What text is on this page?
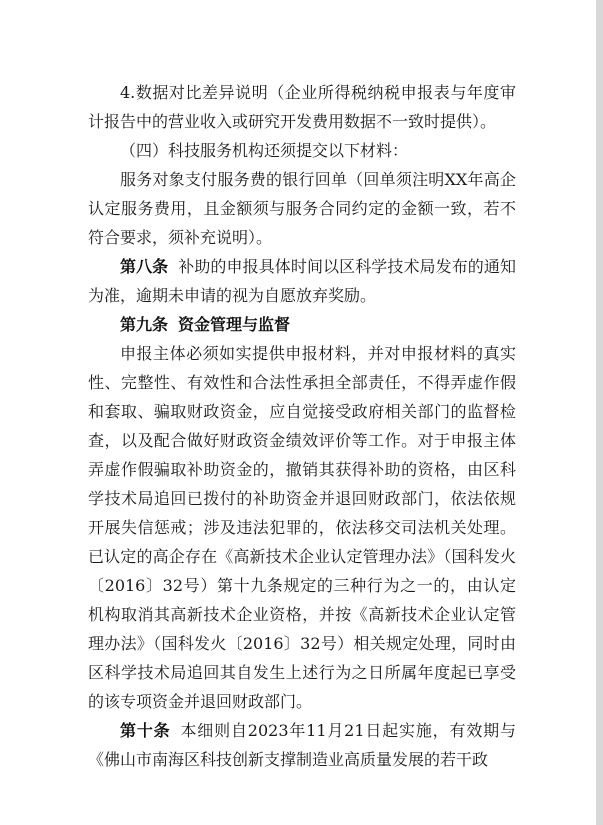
4.数据对比差异说明（企业所得税纳税申报表与年度审计报告中的营业收入或研究开发费用数据不一致时提供）。

（四）科技服务机构还须提交以下材料：

服务对象支付服务费的银行回单（回单须注明XX年高企认定服务费用，且金额须与服务合同约定的金额一致，若不符合要求，须补充说明）。

第八条 补助的申报具体时间以区科学技术局发布的通知为准，逾期未申请的视为自愿放弃奖励。

第九条 资金管理与监督

申报主体必须如实提供申报材料，并对申报材料的真实性、完整性、有效性和合法性承担全部责任，不得弄虚作假和套取、骗取财政资金，应自觉接受政府相关部门的监督检查，以及配合做好财政资金绩效评价等工作。对于申报主体弄虚作假骗取补助资金的，撤销其获得补助的资格，由区科学技术局追回已拨付的补助资金并退回财政部门，依法依规开展失信惩戒；涉及违法犯罪的，依法移交司法机关处理。已认定的高企存在《高新技术企业认定管理办法》（国科发火〔2016〕32号）第十九条规定的三种行为之一的，由认定机构取消其高新技术企业资格，并按《高新技术企业认定管理办法》（国科发火〔2016〕32号）相关规定处理，同时由区科学技术局追回其自发生上述行为之日所属年度起已享受的该专项资金并退回财政部门。

第十条 本细则自2023年11月21日起实施，有效期与《佛山市南海区科技创新支撑制造业高质量发展的若干政
